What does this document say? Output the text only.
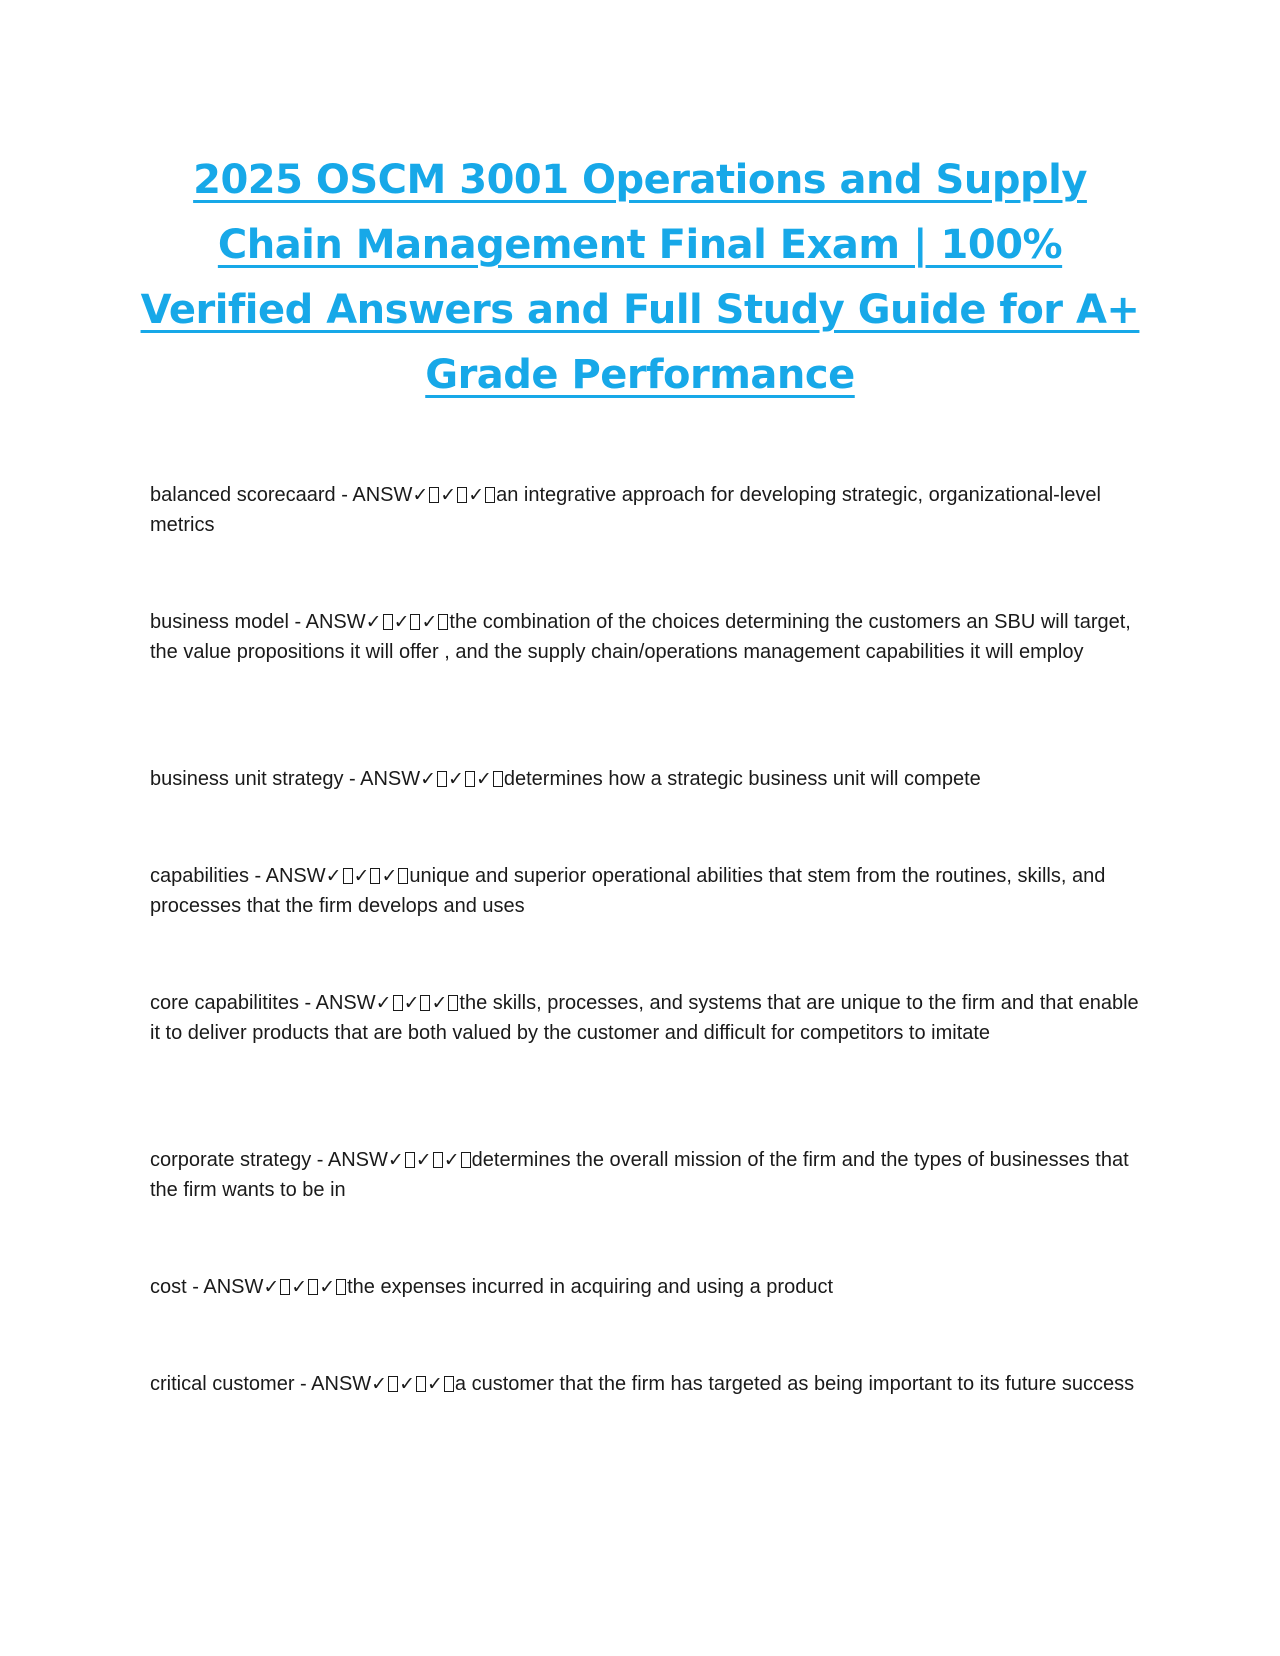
2025 OSCM 3001 Operations and Supply Chain Management Final Exam | 100% Verified Answers and Full Study Guide for A+ Grade Performance
balanced scorecaard - ANSW✓ ✓ ✓ an integrative approach for developing strategic, organizational-level metrics
business model - ANSW✓ ✓ ✓ the combination of the choices determining the customers an SBU will target, the value propositions it will offer , and the supply chain/operations management capabilities it will employ
business unit strategy - ANSW✓ ✓ ✓ determines how a strategic business unit will compete
capabilities - ANSW✓ ✓ ✓ unique and superior operational abilities that stem from the routines, skills, and processes that the firm develops and uses
core capabilitites - ANSW✓ ✓ ✓ the skills, processes, and systems that are unique to the firm and that enable it to deliver products that are both valued by the customer and difficult for competitors to imitate
corporate strategy - ANSW✓ ✓ ✓ determines the overall mission of the firm and the types of businesses that the firm wants to be in
cost - ANSW✓ ✓ ✓ the expenses incurred in acquiring and using a product
critical customer - ANSW✓ ✓ ✓ a customer that the firm has targeted as being important to its future success
